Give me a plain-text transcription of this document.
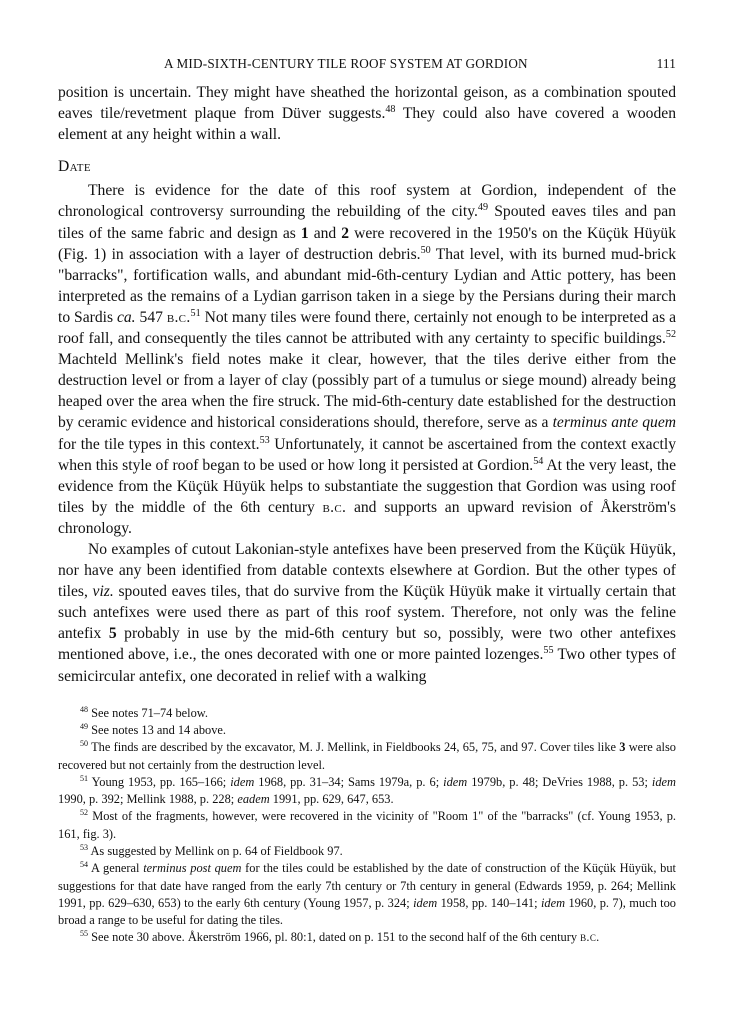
A MID-SIXTH-CENTURY TILE ROOF SYSTEM AT GORDION	111

position is uncertain. They might have sheathed the horizontal geison, as a combination spouted eaves tile/revetment plaque from Düver suggests.$^{48}$ They could also have covered a wooden element at any height within a wall.

Date

There is evidence for the date of this roof system at Gordion, independent of the chronological controversy surrounding the rebuilding of the city.$^{49}$ Spouted eaves tiles and pan tiles of the same fabric and design as 1 and 2 were recovered in the 1950's on the Küçük Hüyük (Fig. 1) in association with a layer of destruction debris.$^{50}$ That level, with its burned mud-brick "barracks", fortification walls, and abundant mid-6th-century Lydian and Attic pottery, has been interpreted as the remains of a Lydian garrison taken in a siege by the Persians during their march to Sardis ca. 547 b.c.$^{51}$ Not many tiles were found there, certainly not enough to be interpreted as a roof fall, and consequently the tiles cannot be attributed with any certainty to specific buildings.$^{52}$ Machteld Mellink's field notes make it clear, however, that the tiles derive either from the destruction level or from a layer of clay (possibly part of a tumulus or siege mound) already being heaped over the area when the fire struck. The mid-6th-century date established for the destruction by ceramic evidence and historical considerations should, therefore, serve as a terminus ante quem for the tile types in this context.$^{53}$ Unfortunately, it cannot be ascertained from the context exactly when this style of roof began to be used or how long it persisted at Gordion.$^{54}$ At the very least, the evidence from the Küçük Hüyük helps to substantiate the suggestion that Gordion was using roof tiles by the middle of the 6th century b.c. and supports an upward revision of Åkerström's chronology.

No examples of cutout Lakonian-style antefixes have been preserved from the Küçük Hüyük, nor have any been identified from datable contexts elsewhere at Gordion. But the other types of tiles, viz. spouted eaves tiles, that do survive from the Küçük Hüyük make it virtually certain that such antefixes were used there as part of this roof system. Therefore, not only was the feline antefix 5 probably in use by the mid-6th century but so, possibly, were two other antefixes mentioned above, i.e., the ones decorated with one or more painted lozenges.$^{55}$ Two other types of semicircular antefix, one decorated in relief with a walking

$^{48}$ See notes 71–74 below.

$^{49}$ See notes 13 and 14 above.

$^{50}$ The finds are described by the excavator, M. J. Mellink, in Fieldbooks 24, 65, 75, and 97. Cover tiles like 3 were also recovered but not certainly from the destruction level.

$^{51}$ Young 1953, pp. 165–166; idem 1968, pp. 31–34; Sams 1979a, p. 6; idem 1979b, p. 48; DeVries 1988, p. 53; idem 1990, p. 392; Mellink 1988, p. 228; eadem 1991, pp. 629, 647, 653.

$^{52}$ Most of the fragments, however, were recovered in the vicinity of "Room 1" of the "barracks" (cf. Young 1953, p. 161, fig. 3).

$^{53}$ As suggested by Mellink on p. 64 of Fieldbook 97.

$^{54}$ A general terminus post quem for the tiles could be established by the date of construction of the Küçük Hüyük, but suggestions for that date have ranged from the early 7th century or 7th century in general (Edwards 1959, p. 264; Mellink 1991, pp. 629–630, 653) to the early 6th century (Young 1957, p. 324; idem 1958, pp. 140–141; idem 1960, p. 7), much too broad a range to be useful for dating the tiles.

$^{55}$ See note 30 above. Åkerström 1966, pl. 80:1, dated on p. 151 to the second half of the 6th century b.c.
